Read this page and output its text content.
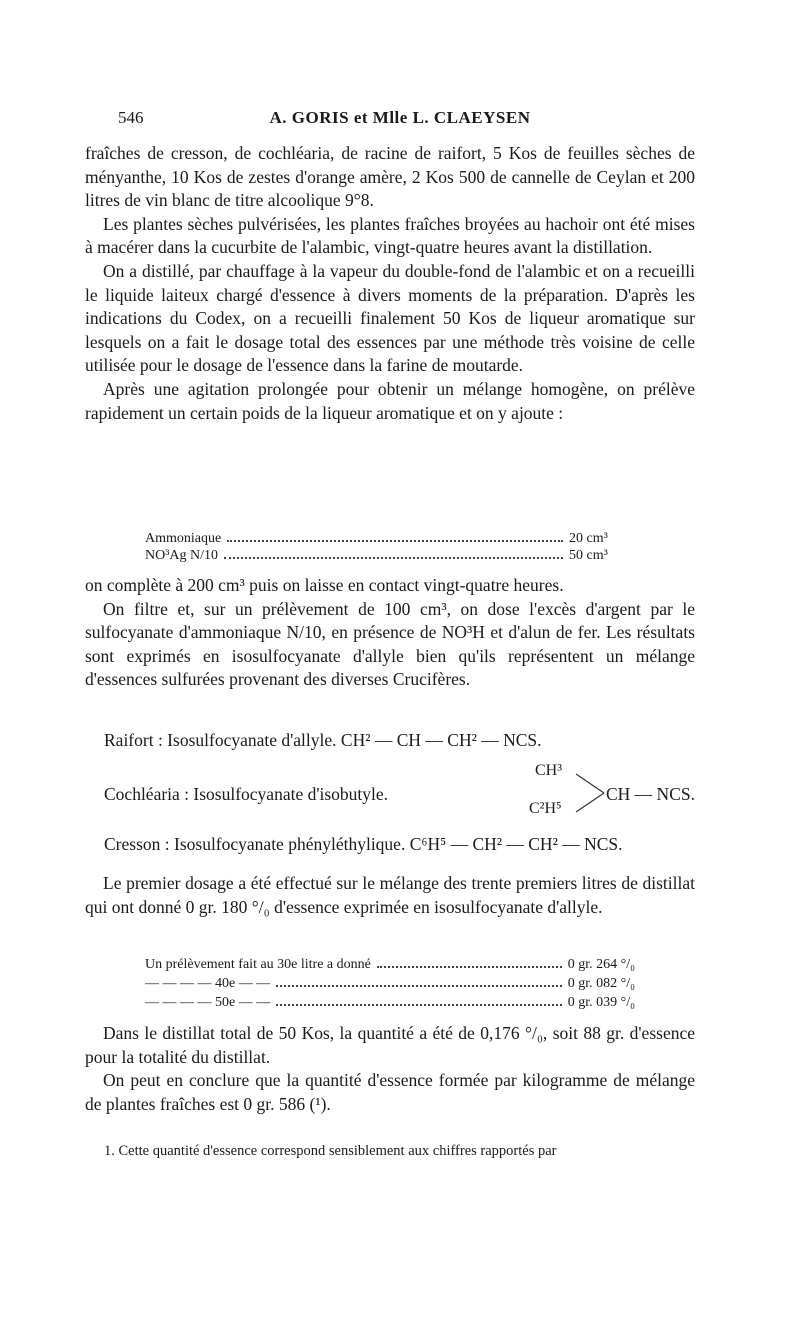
546	A. GORIS et Mlle L. CLAEYSEN

fraîches de cresson, de cochléaria, de racine de raifort, 5 Kos de feuilles sèches de ményanthe, 10 Kos de zestes d'orange amère, 2 Kos 500 de cannelle de Ceylan et 200 litres de vin blanc de titre alcoolique 9°8.

Les plantes sèches pulvérisées, les plantes fraîches broyées au hachoir ont été mises à macérer dans la cucurbite de l'alambic, vingt-quatre heures avant la distillation.

On a distillé, par chauffage à la vapeur du double-fond de l'alambic et on a recueilli le liquide laiteux chargé d'essence à divers moments de la préparation. D'après les indications du Codex, on a recueilli finalement 50 Kos de liqueur aromatique sur lesquels on a fait le dosage total des essences par une méthode très voisine de celle utilisée pour le dosage de l'essence dans la farine de moutarde.

Après une agitation prolongée pour obtenir un mélange homogène, on prélève rapidement un certain poids de la liqueur aromatique et on y ajoute :

Ammoniaque	20 cm³
NO³Ag N/10	50 cm³

on complète à 200 cm³ puis on laisse en contact vingt-quatre heures.

On filtre et, sur un prélèvement de 100 cm³, on dose l'excès d'argent par le sulfocyanate d'ammoniaque N/10, en présence de NO³H et d'alun de fer. Les résultats sont exprimés en isosulfocyanate d'allyle bien qu'ils représentent un mélange d'essences sulfurées provenant des diverses Crucifères.

Raifort : Isosulfocyanate d'allyle. CH² — CH — CH² — NCS.
Cochléaria : Isosulfocyanate d'isobutyle.
CH³
C²H⁵
CH — NCS.
Cresson : Isosulfocyanate phényléthylique. C⁶H⁵ — CH² — CH² — NCS.

Le premier dosage a été effectué sur le mélange des trente premiers litres de distillat qui ont donné 0 gr. 180 °/₀ d'essence exprimée en isosulfocyanate d'allyle.

Un prélèvement fait au 30e litre a donné	0 gr. 264 °/₀
— — — — 40e — —	0 gr. 082 °/₀
— — — — 50e — —	0 gr. 039 °/₀

Dans le distillat total de 50 Kos, la quantité a été de 0,176 °/₀, soit 88 gr. d'essence pour la totalité du distillat.

On peut en conclure que la quantité d'essence formée par kilogramme de mélange de plantes fraîches est 0 gr. 586 (¹).

1. Cette quantité d'essence correspond sensiblement aux chiffres rapportés par
